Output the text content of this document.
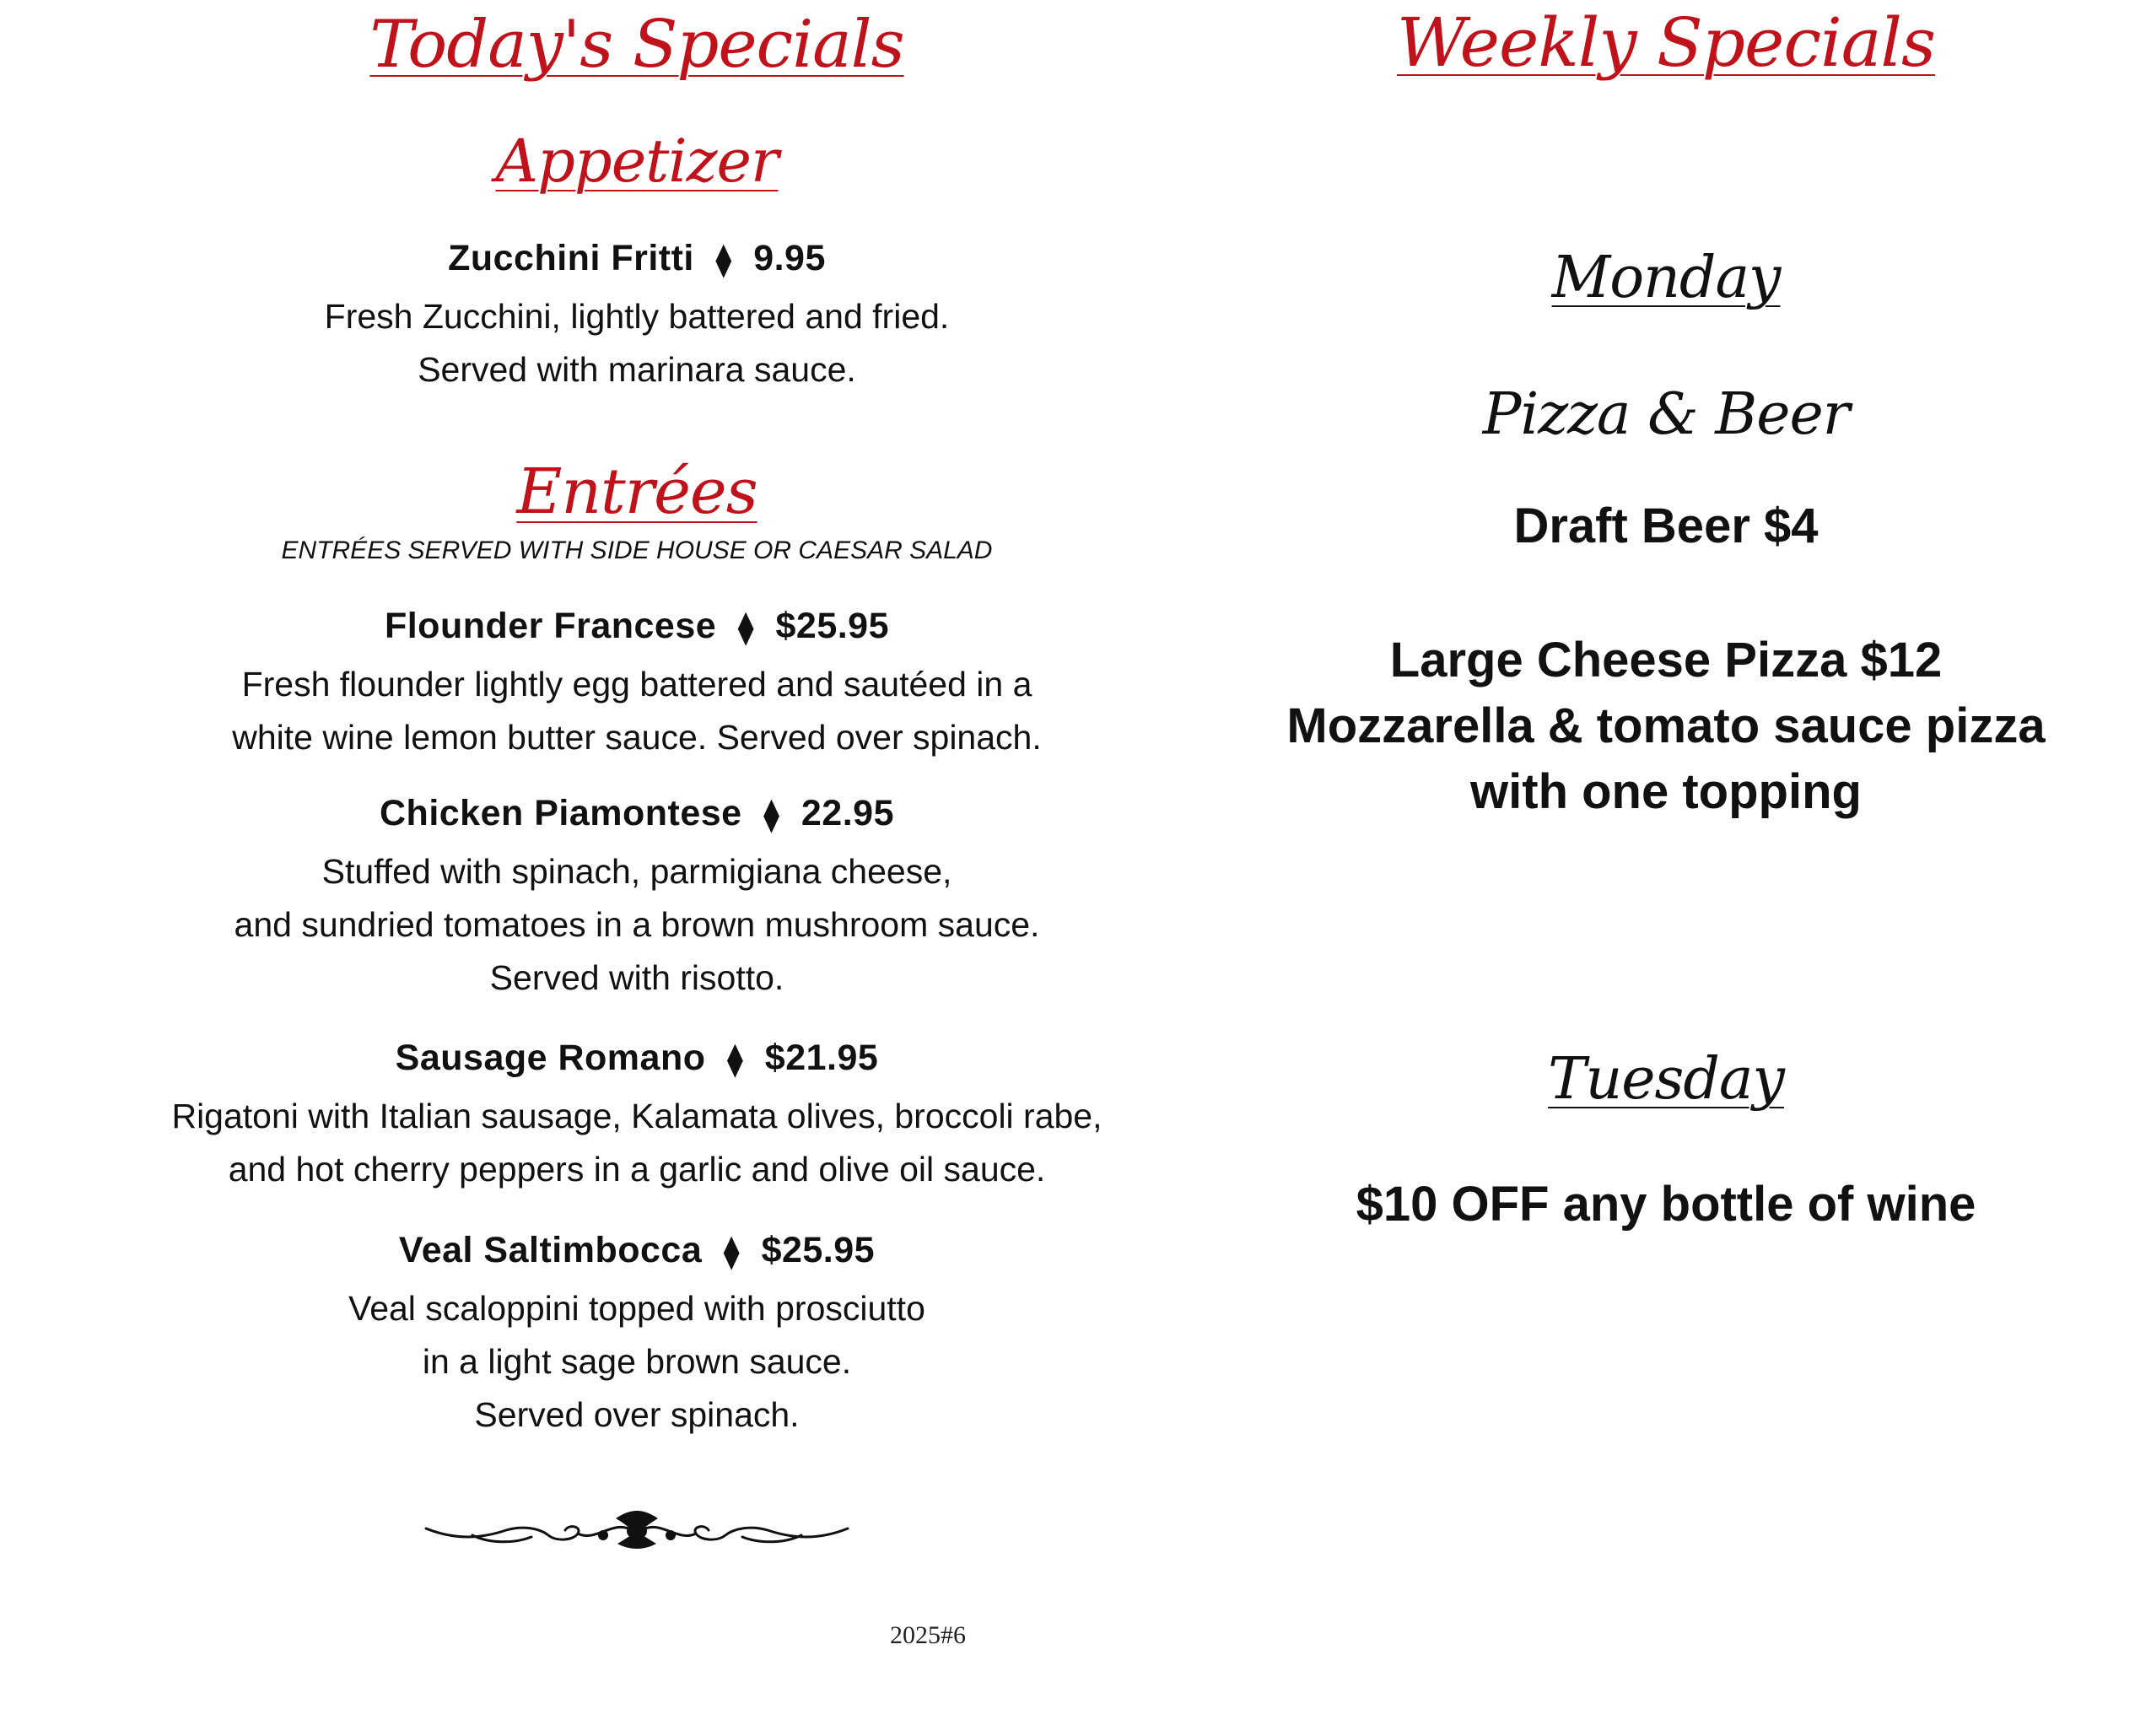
Today's Specials
Appetizer
Zucchini Fritti ⧫ 9.95
Fresh Zucchini, lightly battered and fried.
Served with marinara sauce.
Entrées
ENTRÉES SERVED WITH SIDE HOUSE OR CAESAR SALAD
Flounder Francese ⧫ $25.95
Fresh flounder lightly egg battered and sautéed in a
white wine lemon butter sauce. Served over spinach.
Chicken Piamontese ⧫ 22.95
Stuffed with spinach, parmigiana cheese,
and sundried tomatoes in a brown mushroom sauce.
Served with risotto.
Sausage Romano ⧫ $21.95
Rigatoni with Italian sausage, Kalamata olives, broccoli rabe,
and hot cherry peppers in a garlic and olive oil sauce.
Veal Saltimbocca ⧫ $25.95
Veal scaloppini topped with prosciutto
in a light sage brown sauce.
Served over spinach.
Weekly Specials
Monday
Pizza & Beer
Draft Beer $4
Large Cheese Pizza $12
Mozzarella & tomato sauce pizza
with one topping
Tuesday
$10 OFF any bottle of wine
2025#6
